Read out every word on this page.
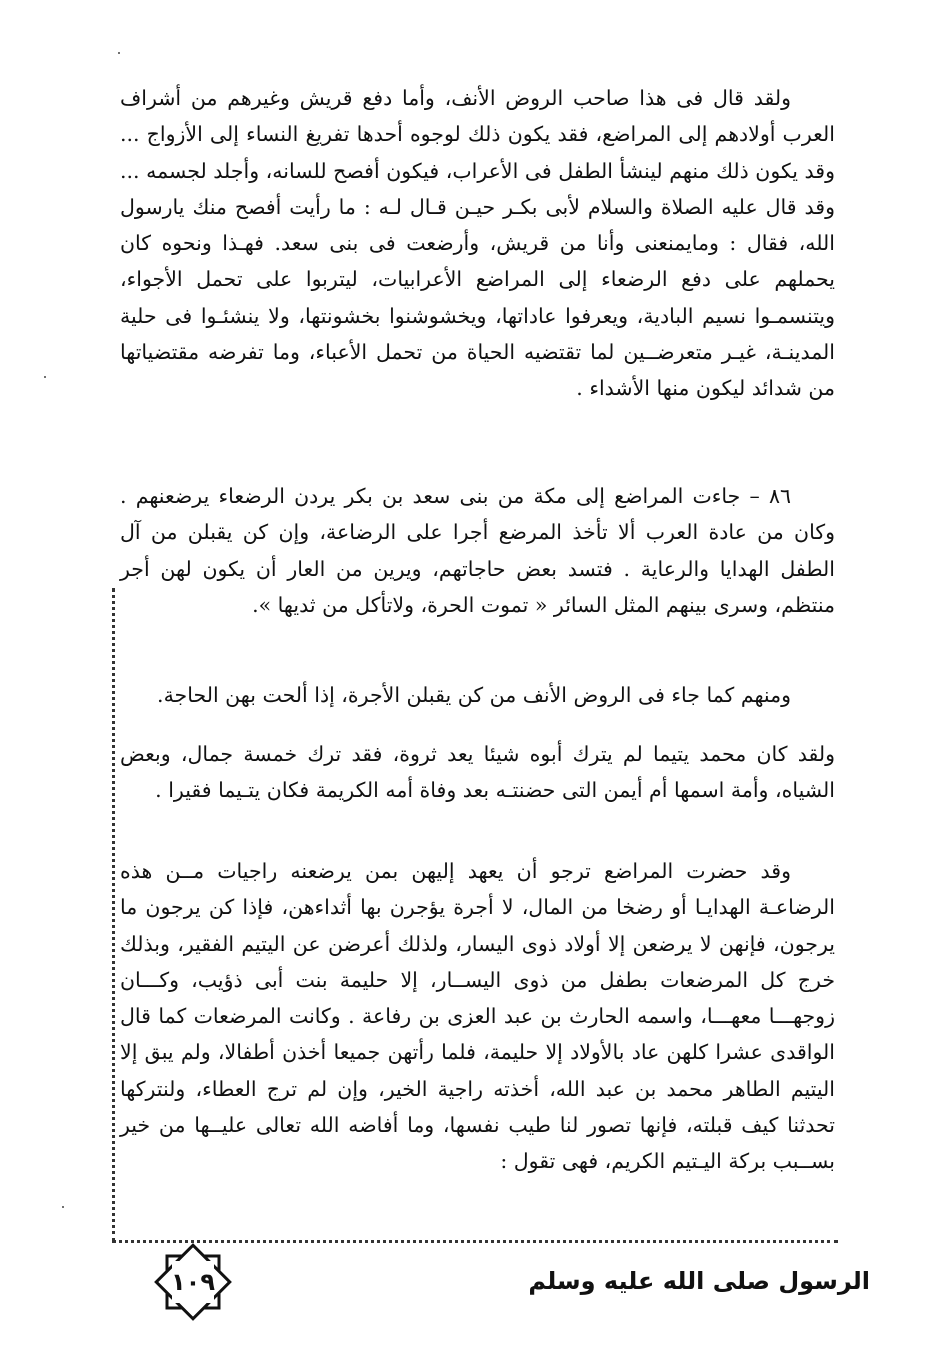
ولقد قال فى هذا صاحب الروض الأنف، وأما دفع قريش وغيرهم من أشراف العرب أولادهم إلى المراضع، فقد يكون ذلك لوجوه أحدها تفريغ النساء إلى الأزواج ... وقد يكون ذلك منهم لينشأ الطفل فى الأعراب، فيكون أفصح للسانه، وأجلد لجسمه ... وقد قال عليه الصلاة والسلام لأبى بكـر حيـن قـال لـه : ما رأيت أفصح منك يارسول الله، فقال : ومايمنعنى وأنا من قريش، وأرضعت فى بنى سعد. فهـذا ونحوه كان يحملهم على دفع الرضعاء إلى المراضع الأعرابيات، ليتربوا على تحمل الأجواء، ويتنسمـوا نسيم البادية، ويعرفوا عاداتها، ويخشوشنوا بخشونتها، ولا ينشئـوا فى حلية المدينـة، غيـر متعرضــين لما تقتضيه الحياة من تحمل الأعباء، وما تفرضه مقتضياتها من شدائد ليكون منها الأشداء .

٨٦ – جاءت المراضع إلى مكة من بنى سعد بن بكر يردن الرضعاء يرضعنهم . وكان من عادة العرب ألا تأخذ المرضع أجرا على الرضاعة، وإن كن يقبلن من آل الطفل الهدايا والرعاية . فتسد بعض حاجاتهم، ويرين من العار أن يكون لهن أجر منتظم، وسرى بينهم المثل السائر « تموت الحرة، ولاتأكل من ثديها ».

ومنهم كما جاء فى الروض الأنف من كن يقبلن الأجرة، إذا ألحت بهن الحاجة.

ولقد كان محمد يتيما لم يترك أبوه شيئا يعد ثروة، فقد ترك خمسة جمال، وبعض الشياه، وأمة اسمها أم أيمن التى حضنتـه بعد وفاة أمه الكريمة فكان يتـيما فقيرا .

وقد حضرت المراضع ترجو أن يعهد إليهن بمن يرضعنه راجيات مــن هذه الرضاعـة الهدايـا أو رضخا من المال، لا أجرة يؤجرن بها أثداءهن، فإذا كن يرجون ما يرجون، فإنهن لا يرضعن إلا أولاد ذوى اليسار، ولذلك أعرضن عن اليتيم الفقير، وبذلك خرج كل المرضعات بطفل من ذوى اليســار، إلا حليمة بنت أبى ذؤيب، وكـــان زوجهـــا معهـــا، واسمه الحارث بن عبد العزى بن رفاعة . وكانت المرضعات كما قال الواقدى عشرا كلهن عاد بالأولاد إلا حليمة، فلما رأتهن جميعا أخذن أطفالا، ولم يبق إلا اليتيم الطاهر محمد بن عبد الله، أخذته راجية الخير، وإن لم ترج العطاء، ولنتركها تحدثنا كيف قبلته، فإنها تصور لنا طيب نفسها، وما أفاضه الله تعالى عليــها من خير بســبب بركة اليـتيم الكريم، فهى تقول :

الرسول صلى الله عليه وسلم
١٠٩
